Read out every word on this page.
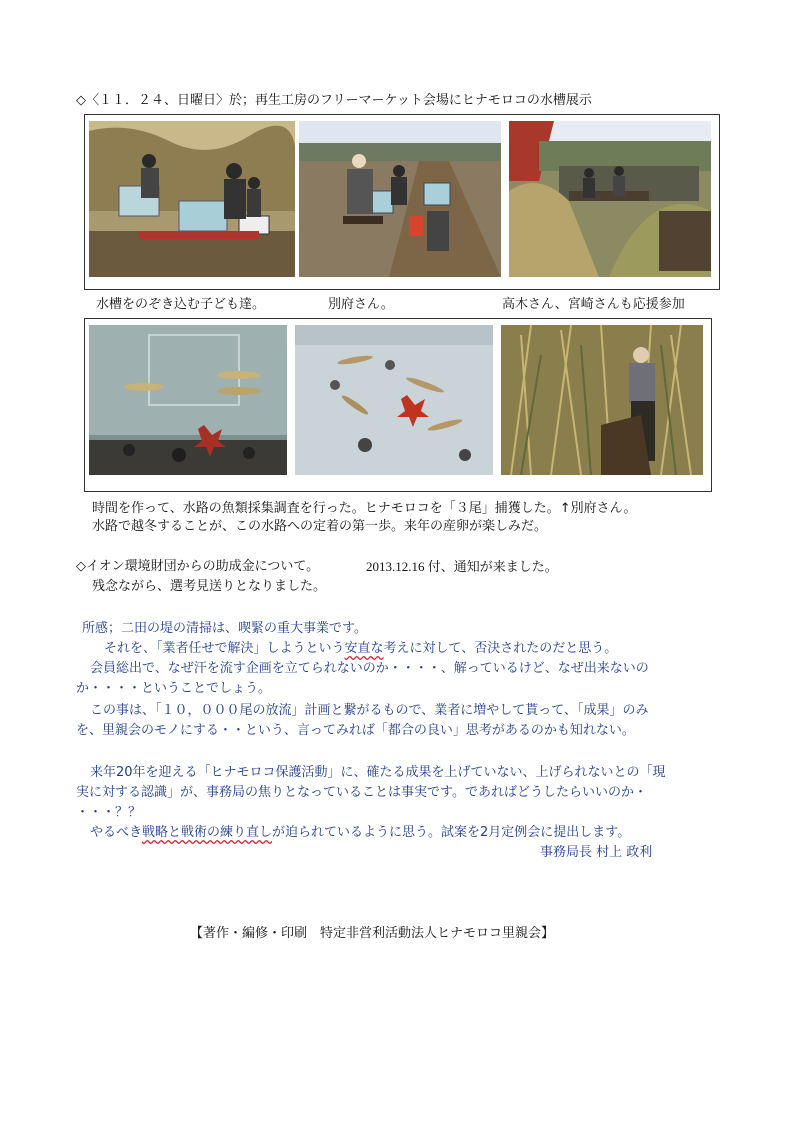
◇〈１１．２４、日曜日〉於；再生工房のフリーマーケット会場にヒナモロコの水槽展示
水槽をのぞき込む子ども達。	別府さん。	高木さん、宮崎さんも応援参加
時間を作って、水路の魚類採集調査を行った。ヒナモロコを「３尾」捕獲した。↑別府さん。
水路で越冬することが、この水路への定着の第一歩。来年の産卵が楽しみだ。
◇イオン環境財団からの助成金について。	2013.12.16 付、通知が来ました。
残念ながら、選考見送りとなりました。
所感；二田の堤の清掃は、喫緊の重大事業です。
それを、「業者任せで解決」しようという安直な考えに対して、否決されたのだと思う。
会員総出で、なぜ汗を流す企画を立てられないのか・・・・、解っているけど、なぜ出来ないの
か・・・・ということでしょう。
この事は、「１０，０００尾の放流」計画と繋がるもので、業者に増やして貰って、「成果」のみ
を、里親会のモノにする・・という、言ってみれば「都合の良い」思考があるのかも知れない。
来年20年を迎える「ヒナモロコ保護活動」に、確たる成果を上げていない、上げられないとの「現
実に対する認識」が、事務局の焦りとなっていることは事実です。であればどうしたらいいのか・
・・・？？
やるべき戦略と戦術の練り直しが迫られているように思う。試案を2月定例会に提出します。
事務局長 村上 政利
【著作・編修・印刷　特定非営利活動法人ヒナモロコ里親会】
